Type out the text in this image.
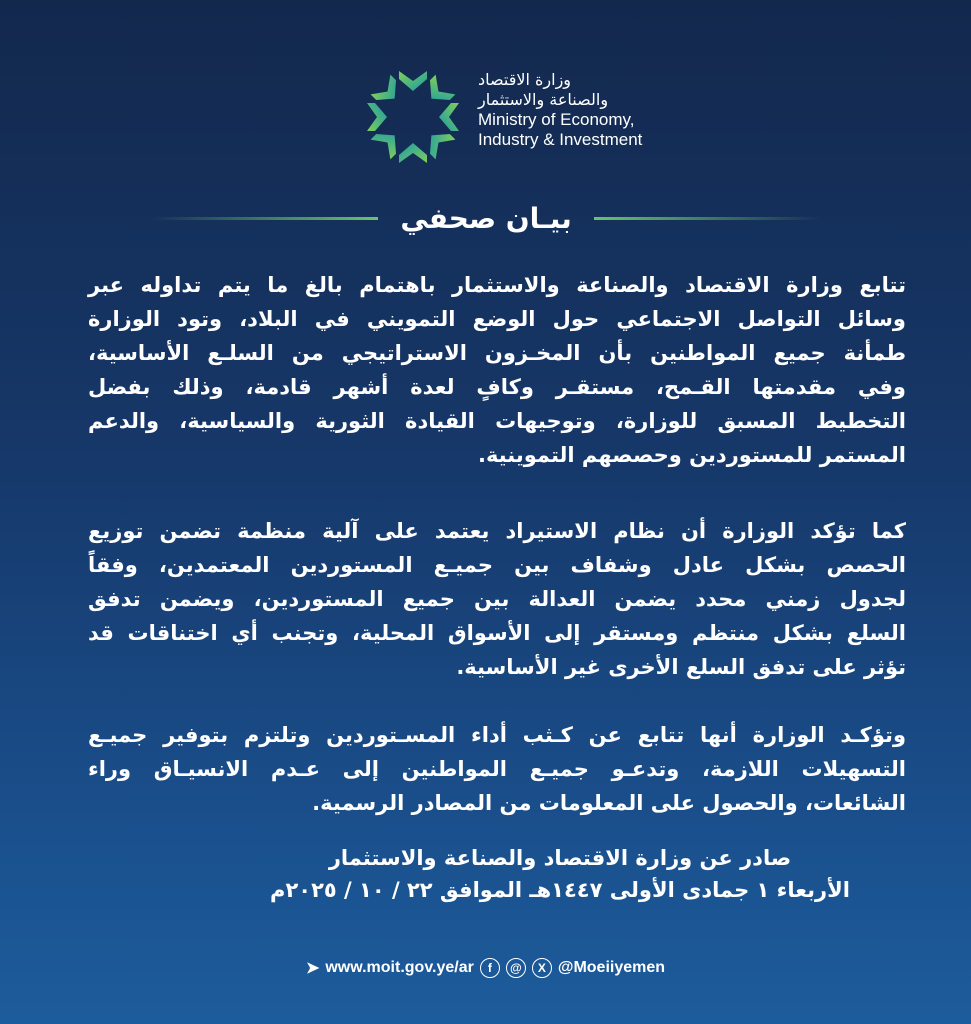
وزارة الاقتصاد
والصناعة والاستثمار
Ministry of Economy,
Industry & Investment
بيـان صحفي
تتابع وزارة الاقتصاد والصناعة والاستثمار باهتمام بالغ ما يتم تداوله عبر
وسائل التواصل الاجتماعي حول الوضع التمويني في البلاد، وتود الوزارة
طمأنة جميع المواطنين بأن المخـزون الاستراتيجي من السلـع الأساسية،
وفي مقدمتها القـمح، مستقـر وكافٍ لعدة أشهر قادمة، وذلك بفضل
التخطيط المسبق للوزارة، وتوجيهات القيادة الثورية والسياسية، والدعم
المستمر للمستوردين وحصصهم التموينية.
كما تؤكد الوزارة أن نظام الاستيراد يعتمد على آلية منظمة تضمن توزيع
الحصص بشكل عادل وشفاف بين جميـع المستوردين المعتمدين، وفقاً
لجدول زمني محدد يضمن العدالة بين جميع المستوردين، ويضمن تدفق
السلع بشكل منتظم ومستقر إلى الأسواق المحلية، وتجنب أي اختناقات قد
تؤثر على تدفق السلع الأخرى غير الأساسية.
وتؤكـد الوزارة أنها تتابع عن كـثب أداء المسـتوردين وتلتزم بتوفير جميـع
التسهيلات اللازمة، وتدعـو جميـع المواطنين إلى عـدم الانسيـاق وراء
الشائعات، والحصول على المعلومات من المصادر الرسمية.
صادر عن وزارة الاقتصاد والصناعة والاستثمار
الأربعاء ١ جمادى الأولى ١٤٤٧هـ الموافق ٢٢ / ١٠ / ٢٠٢٥م
➤ www.moit.gov.ye/ar	f	@	X @Moeiiyemen
